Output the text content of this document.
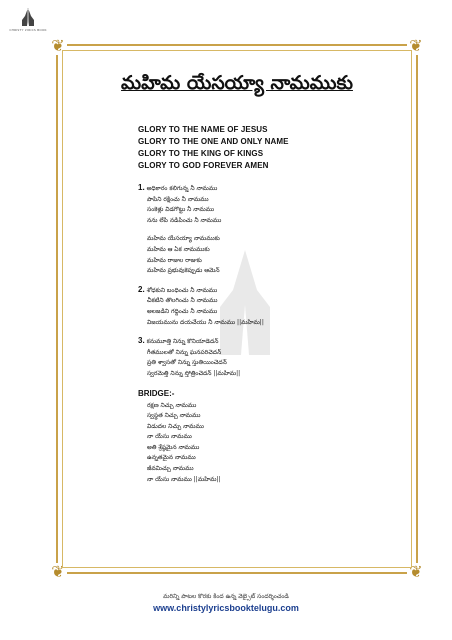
CHRISTY LYRICS BOOK
❦	❦
❦	❦
మహిమ యేసయ్యా నామముకు
GLORY TO THE NAME OF JESUS
GLORY TO THE ONE AND ONLY NAME
GLORY TO THE KING OF KINGS
GLORY TO GOD FOREVER AMEN
1. అధికారం కలిగున్న నీ నామము
పాపిని రక్షించు నీ నామము
సంకెళ్లు విడగొట్టు నీ నామము
నను లేపి నడిపించు నీ నామము
మహిమ యేసయ్యా నామముకు
మహిమ ఆ ఏక నామముకు
మహిమ రాజుల రాజుకు
మహిమ ప్రభువుకెప్పుడు ఆమెన్
2. శోధకుని బంధించు నీ నామము
చీకటిని తొలగించు నీ నామము
అలజడిని గద్దించు నీ నామము
విజయమును దయచేయు నీ నామము ||మహిమ||
3. కనుమూత్తి నిన్ను కొనియాడెదన్
గీతములతో నిన్ను ఘనపరిచెదన్
ప్రతి శ్వాసతో నిన్ను స్తుతియించెదన్
స్వరమెత్తి నిన్ను స్తోత్రించెదన్ ||మహిమ||
BRIDGE:-
రక్షణ నిచ్చు నామము
స్వస్థత నిచ్చు నామము
విడుదల నిచ్చు నామము
నా యేసు నామము
అతి శ్రేష్ఠమైన నామము
ఉన్నతమైన నామము
జీవమిచ్చు నామము
నా యేసు నామము ||మహిమ||
మరిన్ని పాటల కొరకు కింద ఉన్న వెబ్సైట్ సందర్శించండి
www.christylyricsbooktelugu.com
